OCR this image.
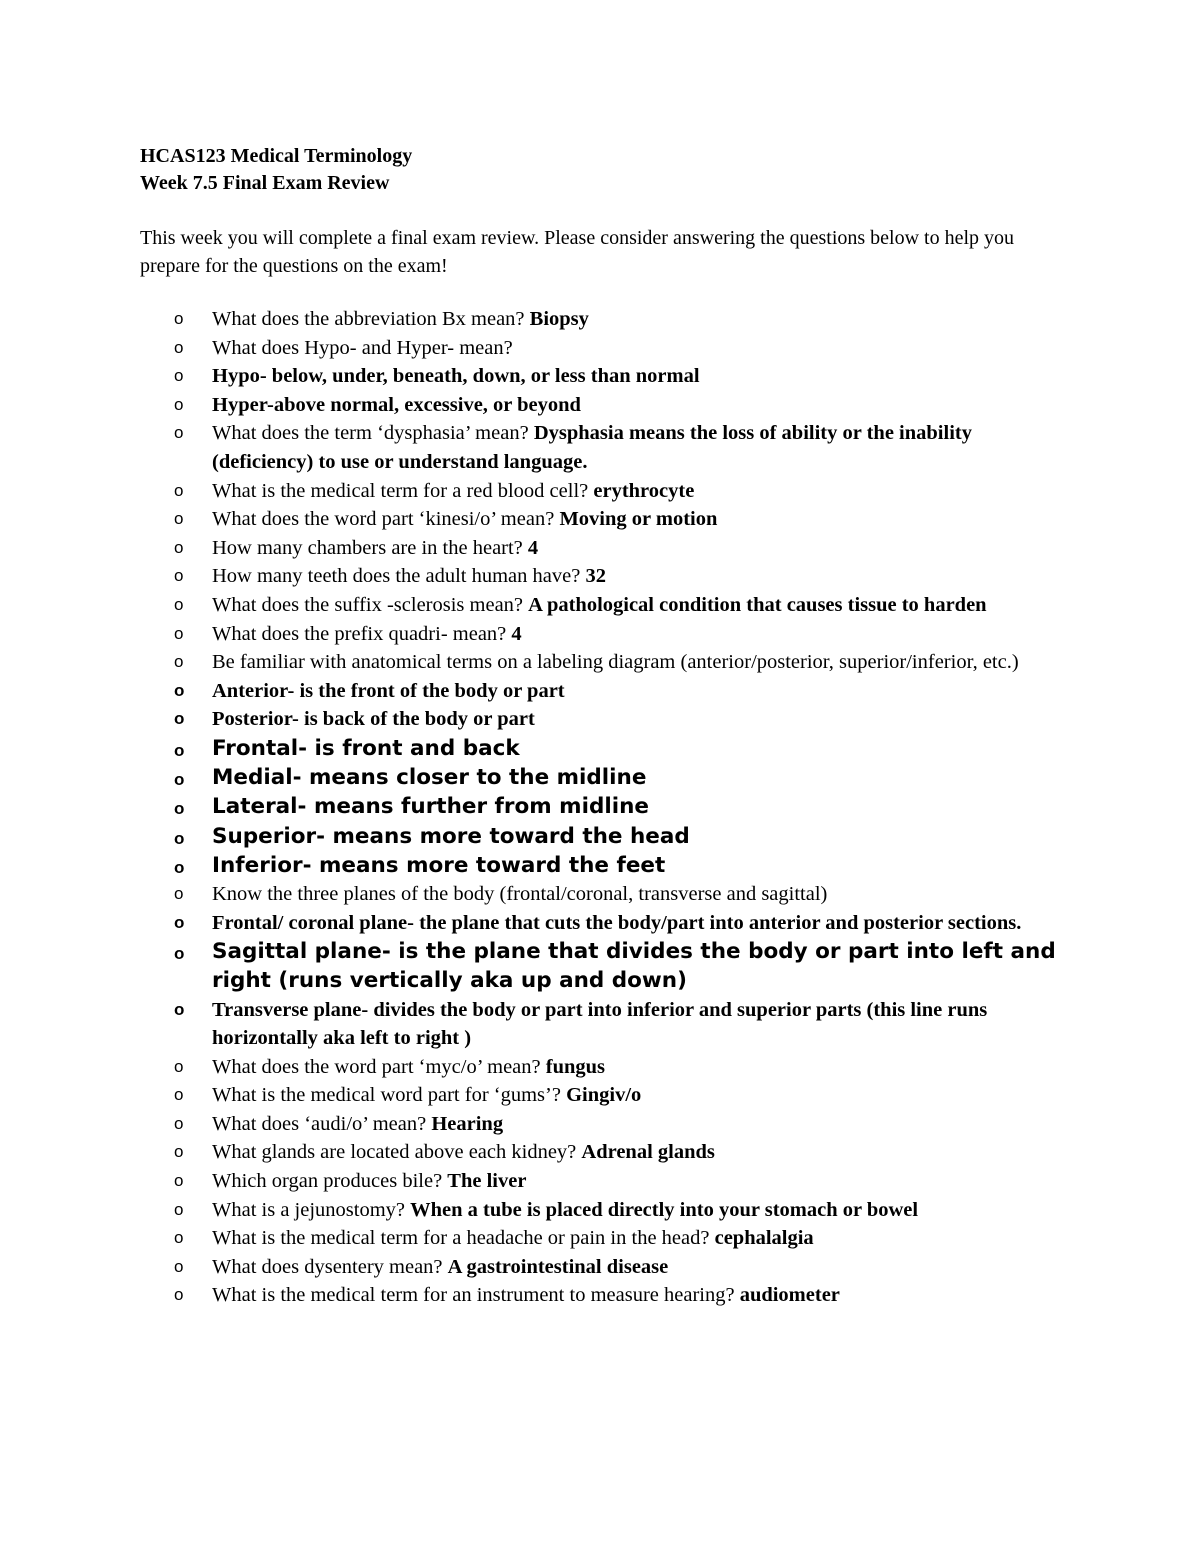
HCAS123 Medical Terminology
Week 7.5 Final Exam Review
This week you will complete a final exam review. Please consider answering the questions below to help you prepare for the questions on the exam!
o What does the abbreviation Bx mean? Biopsy
o What does Hypo- and Hyper- mean?
o Hypo- below, under, beneath, down, or less than normal
o Hyper-above normal, excessive, or beyond
o What does the term ‘dysphasia’ mean? Dysphasia means the loss of ability or the inability (deficiency) to use or understand language.
o What is the medical term for a red blood cell? erythrocyte
o What does the word part ‘kinesi/o’ mean? Moving or motion
o How many chambers are in the heart? 4
o How many teeth does the adult human have? 32
o What does the suffix -sclerosis mean? A pathological condition that causes tissue to harden
o What does the prefix quadri- mean? 4
o Be familiar with anatomical terms on a labeling diagram (anterior/posterior, superior/inferior, etc.)
o Anterior- is the front of the body or part
o Posterior- is back of the body or part
o Frontal- is front and back
o Medial- means closer to the midline
o Lateral- means further from midline
o Superior- means more toward the head
o Inferior- means more toward the feet
o Know the three planes of the body (frontal/coronal, transverse and sagittal)
o Frontal/ coronal plane- the plane that cuts the body/part into anterior and posterior sections.
o Sagittal plane- is the plane that divides the body or part into left and right (runs vertically aka up and down)
o Transverse plane- divides the body or part into inferior and superior parts (this line runs horizontally aka left to right )
o What does the word part ‘myc/o’ mean? fungus
o What is the medical word part for ‘gums’? Gingiv/o
o What does ‘audi/o’ mean? Hearing
o What glands are located above each kidney? Adrenal glands
o Which organ produces bile? The liver
o What is a jejunostomy? When a tube is placed directly into your stomach or bowel
o What is the medical term for a headache or pain in the head? cephalalgia
o What does dysentery mean? A gastrointestinal disease
o What is the medical term for an instrument to measure hearing? audiometer
